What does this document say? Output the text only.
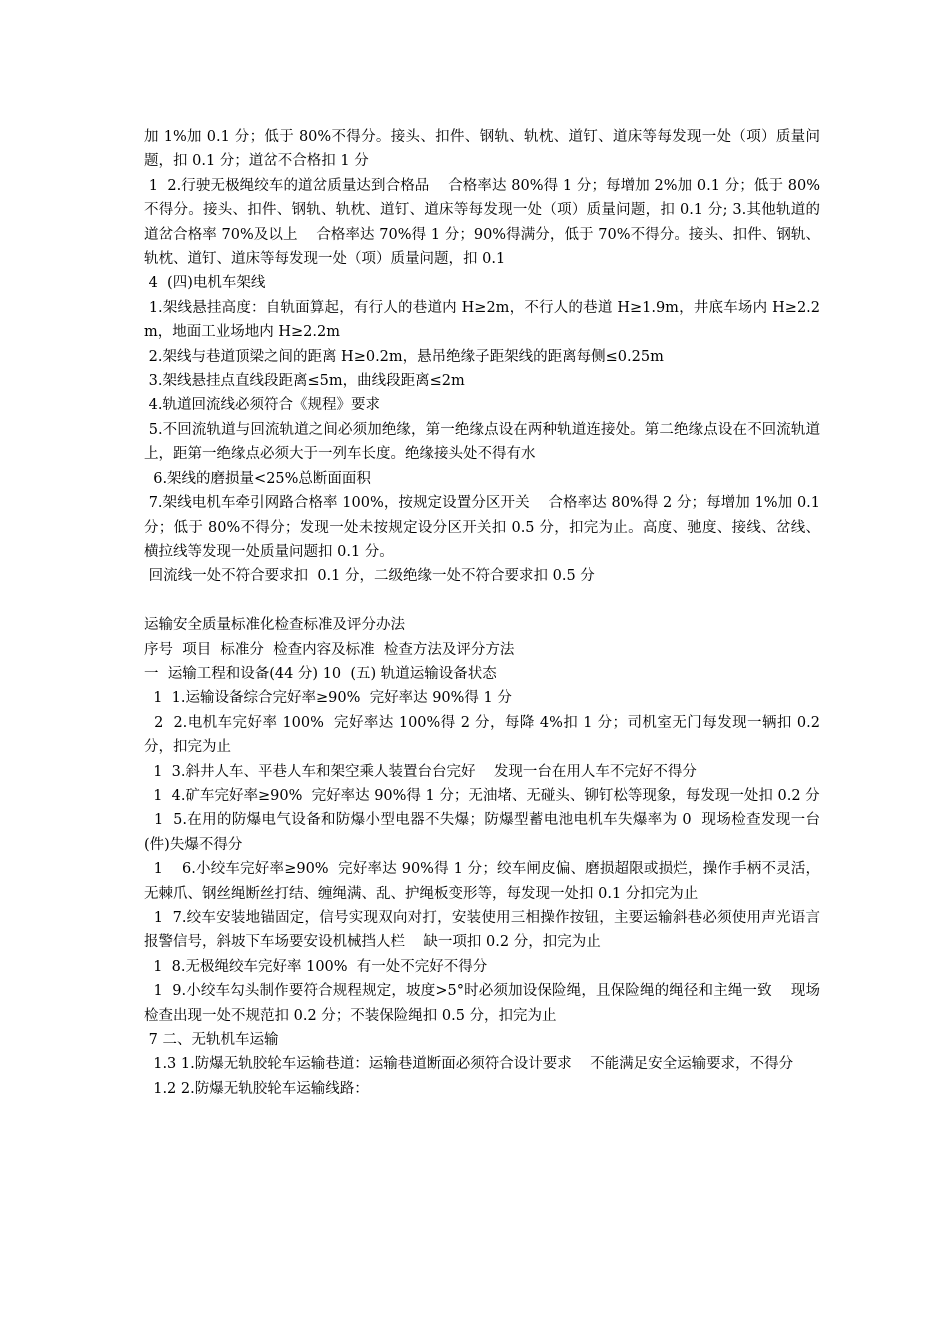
加 1%加 0.1 分；低于 80%不得分。接头、扣件、钢轨、轨枕、道钉、道床等每发现一处（项）质量问题，扣 0.1 分；道岔不合格扣 1 分

1  2.行驶无极绳绞车的道岔质量达到合格品    合格率达 80%得 1 分；每增加 2%加 0.1 分；低于 80%不得分。接头、扣件、钢轨、轨枕、道钉、道床等每发现一处（项）质量问题，扣 0.1 分; 3.其他轨道的道岔合格率 70%及以上    合格率达 70%得 1 分；90%得满分，低于 70%不得分。接头、扣件、钢轨、轨枕、道钉、道床等每发现一处（项）质量问题，扣 0.1

4  (四)电机车架线

1.架线悬挂高度：自轨面算起，有行人的巷道内 H≥2m，不行人的巷道 H≥1.9m，井底车场内 H≥2.2m，地面工业场地内 H≥2.2m

2.架线与巷道顶梁之间的距离 H≥0.2m，悬吊绝缘子距架线的距离每侧≤0.25m

3.架线悬挂点直线段距离≤5m，曲线段距离≤2m

4.轨道回流线必须符合《规程》要求

5.不回流轨道与回流轨道之间必须加绝缘，第一绝缘点设在两种轨道连接处。第二绝缘点设在不回流轨道上，距第一绝缘点必须大于一列车长度。绝缘接头处不得有水

6.架线的磨损量<25%总断面面积

7.架线电机车牵引网路合格率 100%，按规定设置分区开关    合格率达 80%得 2 分；每增加 1%加 0.1 分；低于 80%不得分；发现一处未按规定设分区开关扣 0.5 分，扣完为止。高度、驰度、接线、岔线、横拉线等发现一处质量问题扣 0.1 分。

回流线一处不符合要求扣  0.1 分，二级绝缘一处不符合要求扣 0.5 分

运输安全质量标准化检查标准及评分办法

序号  项目  标准分  检查内容及标准  检查方法及评分方法

一  运输工程和设备(44 分) 10  (五) 轨道运输设备状态

1  1.运输设备综合完好率≥90%  完好率达 90%得 1 分

2  2.电机车完好率 100%  完好率达 100%得 2 分，每降 4%扣 1 分；司机室无门每发现一辆扣 0.2 分，扣完为止

1  3.斜井人车、平巷人车和架空乘人装置台台完好    发现一台在用人车不完好不得分

1  4.矿车完好率≥90%  完好率达 90%得 1 分；无油堵、无碰头、铆钉松等现象，每发现一处扣 0.2 分

1  5.在用的防爆电气设备和防爆小型电器不失爆；防爆型蓄电池电机车失爆率为 0  现场检查发现一台(件)失爆不得分

1    6.小绞车完好率≥90%  完好率达 90%得 1 分；绞车闸皮偏、磨损超限或损烂，操作手柄不灵活，无棘爪、钢丝绳断丝打结、缠绳满、乱、护绳板变形等，每发现一处扣 0.1 分扣完为止

1  7.绞车安装地锚固定，信号实现双向对打，安装使用三相操作按钮，主要运输斜巷必须使用声光语言报警信号，斜坡下车场要安设机械挡人栏    缺一项扣 0.2 分，扣完为止

1  8.无极绳绞车完好率 100%  有一处不完好不得分

1  9.小绞车勾头制作要符合规程规定，坡度>5°时必须加设保险绳，且保险绳的绳径和主绳一致    现场检查出现一处不规范扣 0.2 分；不装保险绳扣 0.5 分，扣完为止

7 二、无轨机车运输

1.3 1.防爆无轨胶轮车运输巷道：运输巷道断面必须符合设计要求    不能满足安全运输要求，不得分

1.2 2.防爆无轨胶轮车运输线路：
